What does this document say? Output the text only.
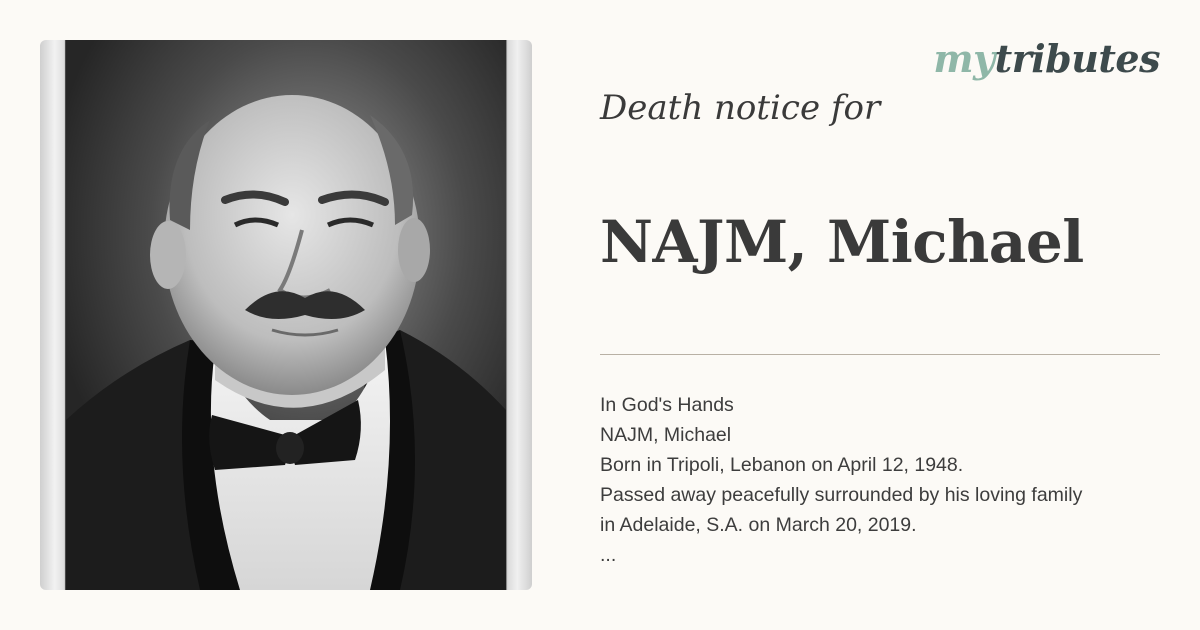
mytributes
Death notice for
NAJM, Michael
In God's Hands
NAJM, Michael
Born in Tripoli, Lebanon on April 12, 1948.
Passed away peacefully surrounded by his loving family
in Adelaide, S.A. on March 20, 2019.
...
